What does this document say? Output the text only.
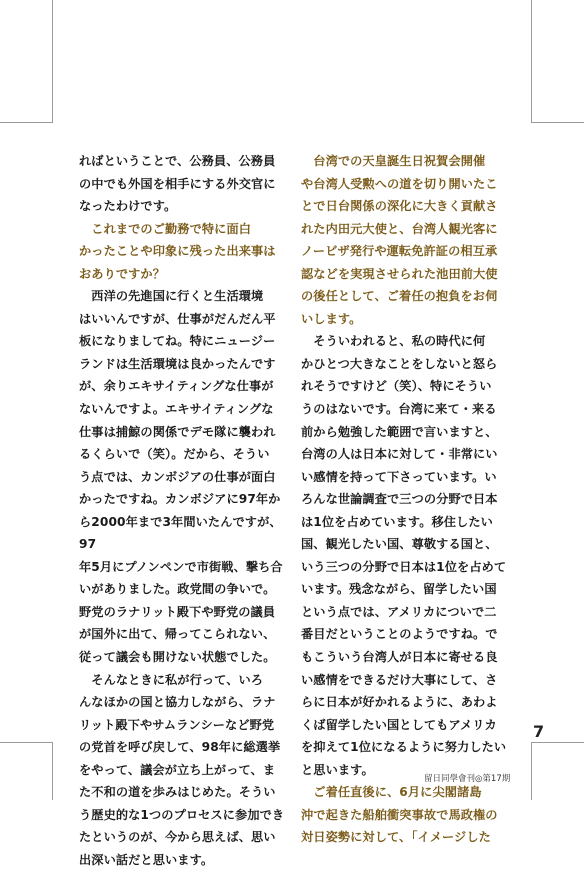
ればということで、公務員、公務員
の中でも外国を相手にする外交官に
なったわけです。

　これまでのご勤務で特に面白
かったことや印象に残った出来事は
おありですか？

　西洋の先進国に行くと生活環境
はいいんですが、仕事がだんだん平
板になりましてね。特にニュージー
ランドは生活環境は良かったんです
が、余りエキサイティングな仕事が
ないんですよ。エキサイティングな
仕事は捕鯨の関係でデモ隊に襲われ
るくらいで（笑）。だから、そうい
う点では、カンボジアの仕事が面白
かったですね。カンボジアに97年か
ら2000年まで3年間いたんですが、97
年5月にプノンペンで市街戦、撃ち合
いがありました。政党間の争いで。
野党のラナリット殿下や野党の議員
が国外に出て、帰ってこられない、
従って議会も開けない状態でした。

　そんなときに私が行って、いろ
んなほかの国と協力しながら、ラナ
リット殿下やサムランシーなど野党
の党首を呼び戻して、98年に総選挙
をやって、議会が立ち上がって、ま
た不和の道を歩みはじめた。そうい
う歴史的な1つのプロセスに参加でき
たというのが、今から思えば、思い
出深い話だと思います。

　台湾での天皇誕生日祝賀会開催
や台湾人受勲への道を切り開いたこ
とで日台関係の深化に大きく貢献さ
れた内田元大使と、台湾人観光客に
ノービザ発行や運転免許証の相互承
認などを実現させられた池田前大使
の後任として、ご着任の抱負をお伺
いします。

　そういわれると、私の時代に何
かひとつ大きなことをしないと怒ら
れそうですけど（笑）、特にそうい
うのはないです。台湾に来て・来る
前から勉強した範囲で言いますと、
台湾の人は日本に対して・非常にい
い感情を持って下さっています。い
ろんな世論調査で三つの分野で日本
は1位を占めています。移住したい
国、観光したい国、尊敬する国と、
いう三つの分野で日本は1位を占めて
います。残念ながら、留学したい国
という点では、アメリカについで二
番目だということのようですね。で
もこういう台湾人が日本に寄せる良
い感情をできるだけ大事にして、さ
らに日本が好かれるように、あわよ
くば留学したい国としてもアメリカ
を抑えて1位になるように努力したい
と思います。

　ご着任直後に、6月に尖閣諸島
沖で起きた船舶衝突事故で馬政権の
対日姿勢に対して、「イメージした

7
留日同學會刊◎第17期
